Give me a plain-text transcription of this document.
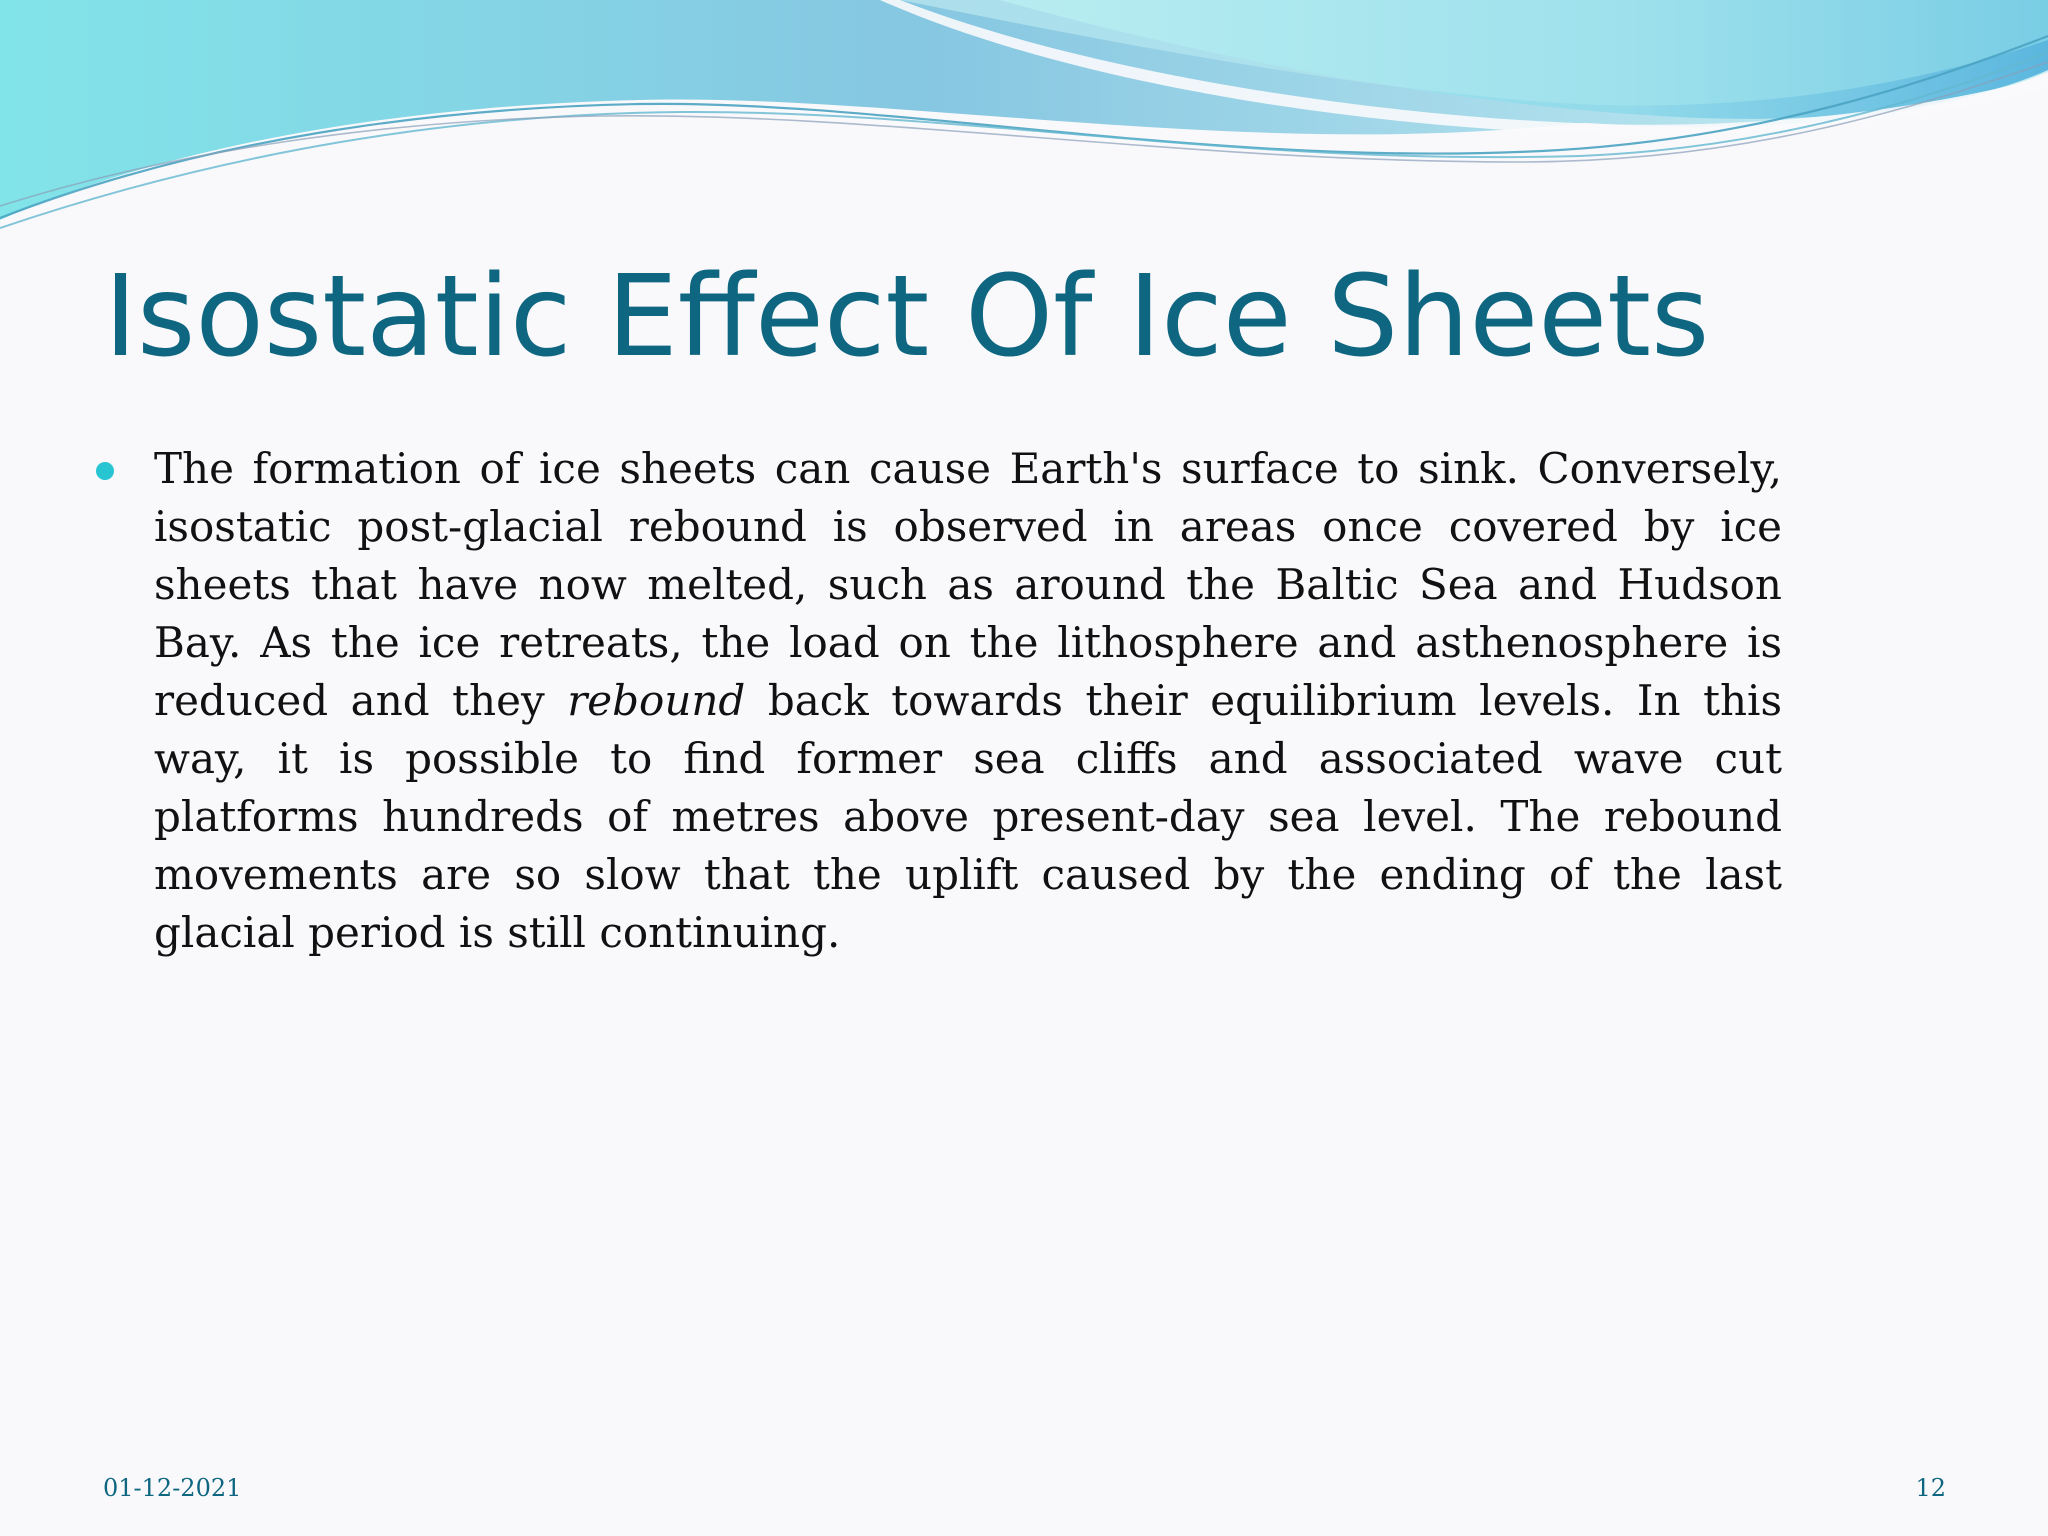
Isostatic Effect Of Ice Sheets
The formation of ice sheets can cause Earth's surface to sink. Conversely, isostatic post-glacial rebound is observed in areas once covered by ice sheets that have now melted, such as around the Baltic Sea and Hudson Bay. As the ice retreats, the load on the lithosphere and asthenosphere is reduced and they rebound back towards their equilibrium levels. In this way, it is possible to find former sea cliffs and associated wave cut platforms hundreds of metres above present-day sea level. The rebound movements are so slow that the uplift caused by the ending of the last glacial period is still continuing.
01-12-2021	12
